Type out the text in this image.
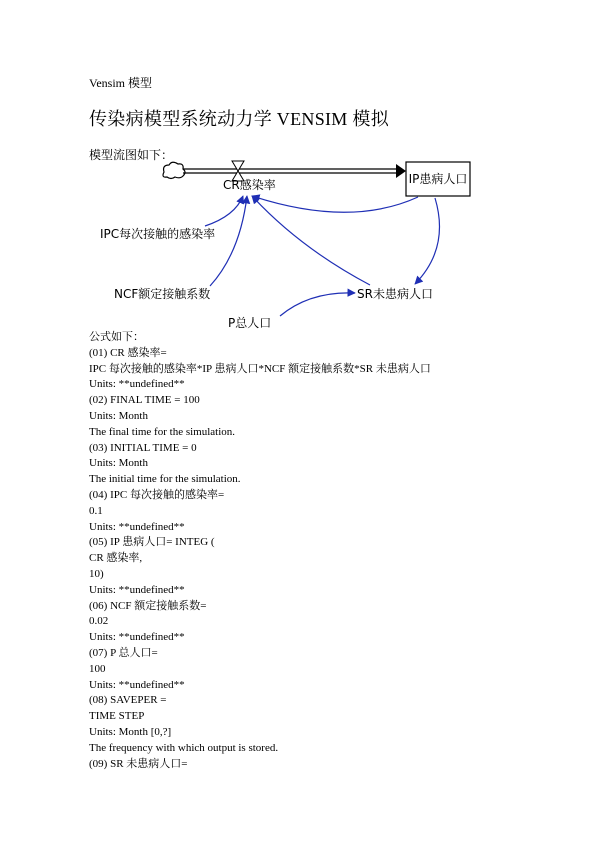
Vensim 模型
传染病模型系统动力学 VENSIM 模拟
模型流图如下：
IP患病人口
CR感染率
IPC每次接触的感染率
NCF额定接触系数	SR未患病人口
P总人口
公式如下：
(01) CR 感染率=
IPC 每次接触的感染率*IP 患病人口*NCF 额定接触系数*SR 未患病人口
Units: **undefined**
(02) FINAL TIME = 100
Units: Month
The final time for the simulation.
(03) INITIAL TIME = 0
Units: Month
The initial time for the simulation.
(04) IPC 每次接触的感染率=
0.1
Units: **undefined**
(05) IP 患病人口= INTEG (
CR 感染率,
10)
Units: **undefined**
(06) NCF 额定接触系数=
0.02
Units: **undefined**
(07) P 总人口=
100
Units: **undefined**
(08) SAVEPER =
TIME STEP
Units: Month [0,?]
The frequency with which output is stored.
(09) SR 未患病人口=
